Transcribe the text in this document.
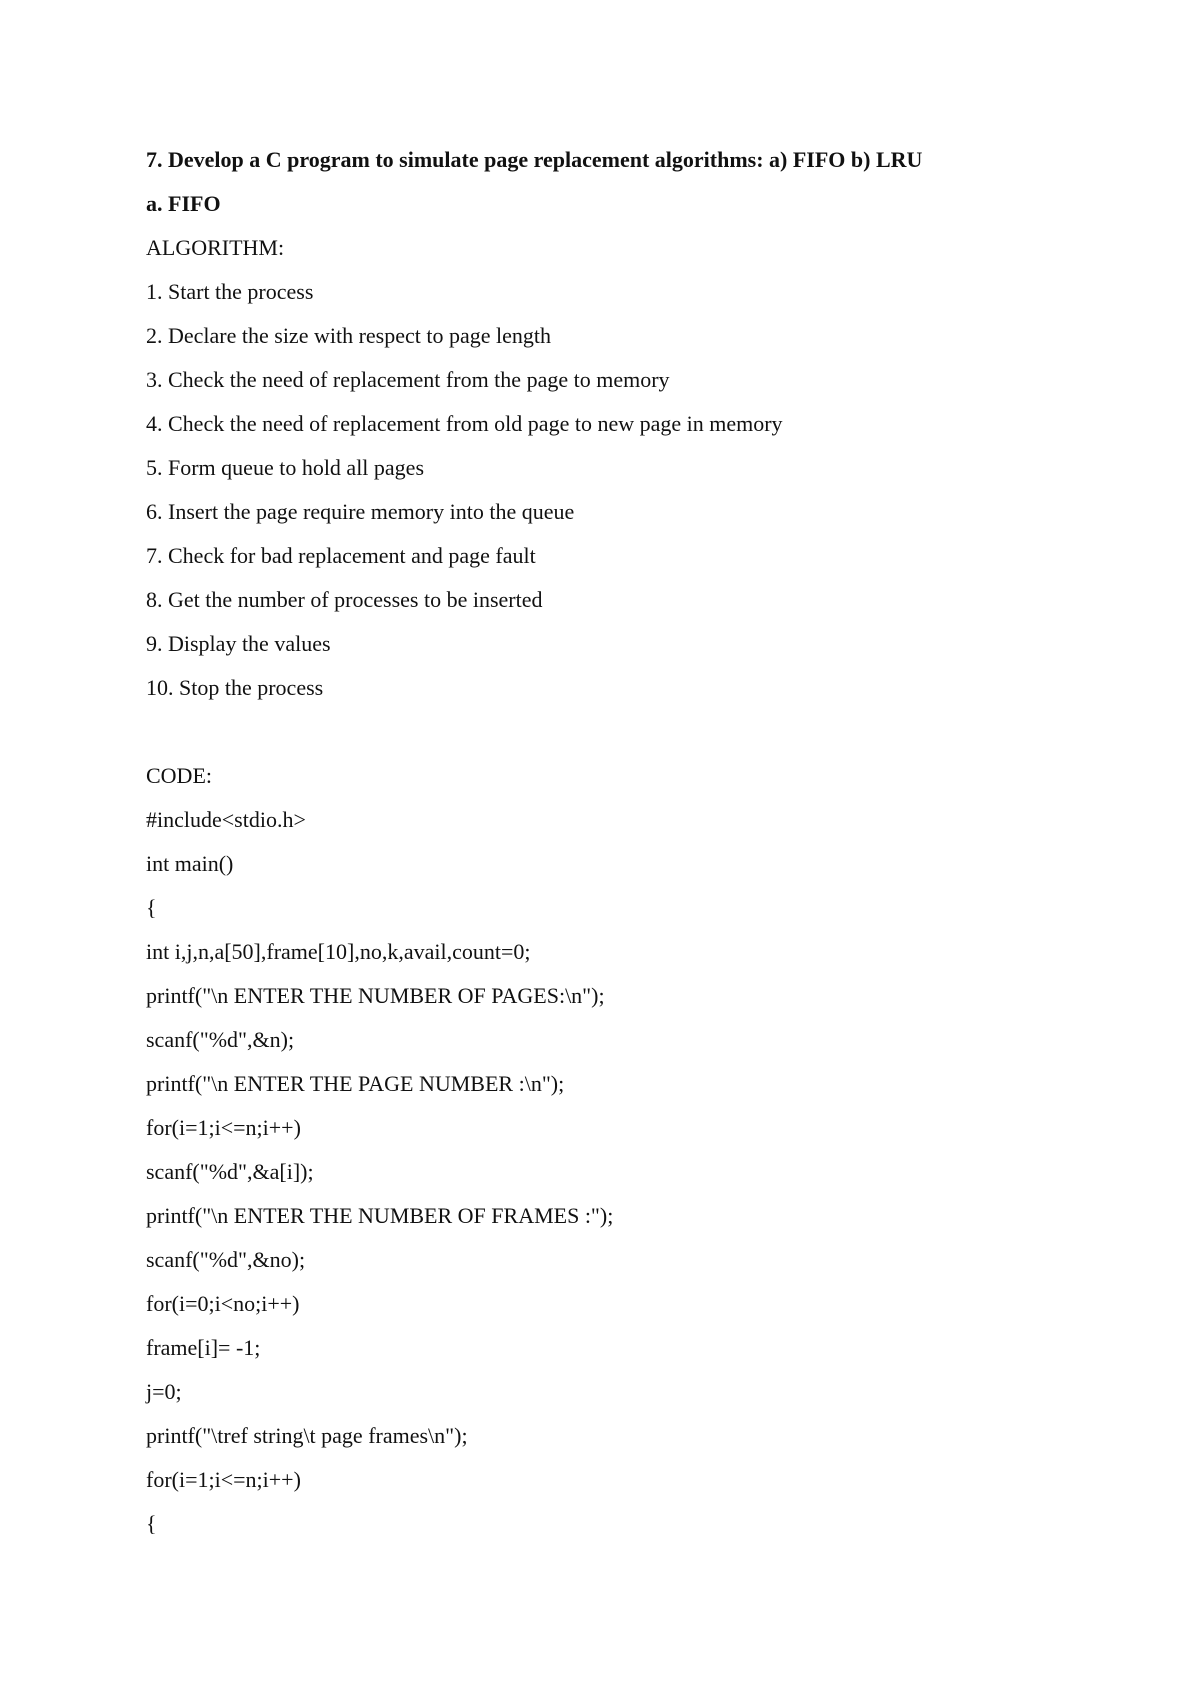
7. Develop a C program to simulate page replacement algorithms: a) FIFO b) LRU

a. FIFO

ALGORITHM:

1. Start the process

2. Declare the size with respect to page length

3. Check the need of replacement from the page to memory

4. Check the need of replacement from old page to new page in memory

5. Form queue to hold all pages

6. Insert the page require memory into the queue

7. Check for bad replacement and page fault

8. Get the number of processes to be inserted

9. Display the values

10. Stop the process

CODE:

#include<stdio.h>

int main()

{

int i,j,n,a[50],frame[10],no,k,avail,count=0;

printf("\n ENTER THE NUMBER OF PAGES:\n");

scanf("%d",&n);

printf("\n ENTER THE PAGE NUMBER :\n");

for(i=1;i<=n;i++)

scanf("%d",&a[i]);

printf("\n ENTER THE NUMBER OF FRAMES :");

scanf("%d",&no);

for(i=0;i<no;i++)

frame[i]= -1;

j=0;

printf("\tref string\t page frames\n");

for(i=1;i<=n;i++)

{
